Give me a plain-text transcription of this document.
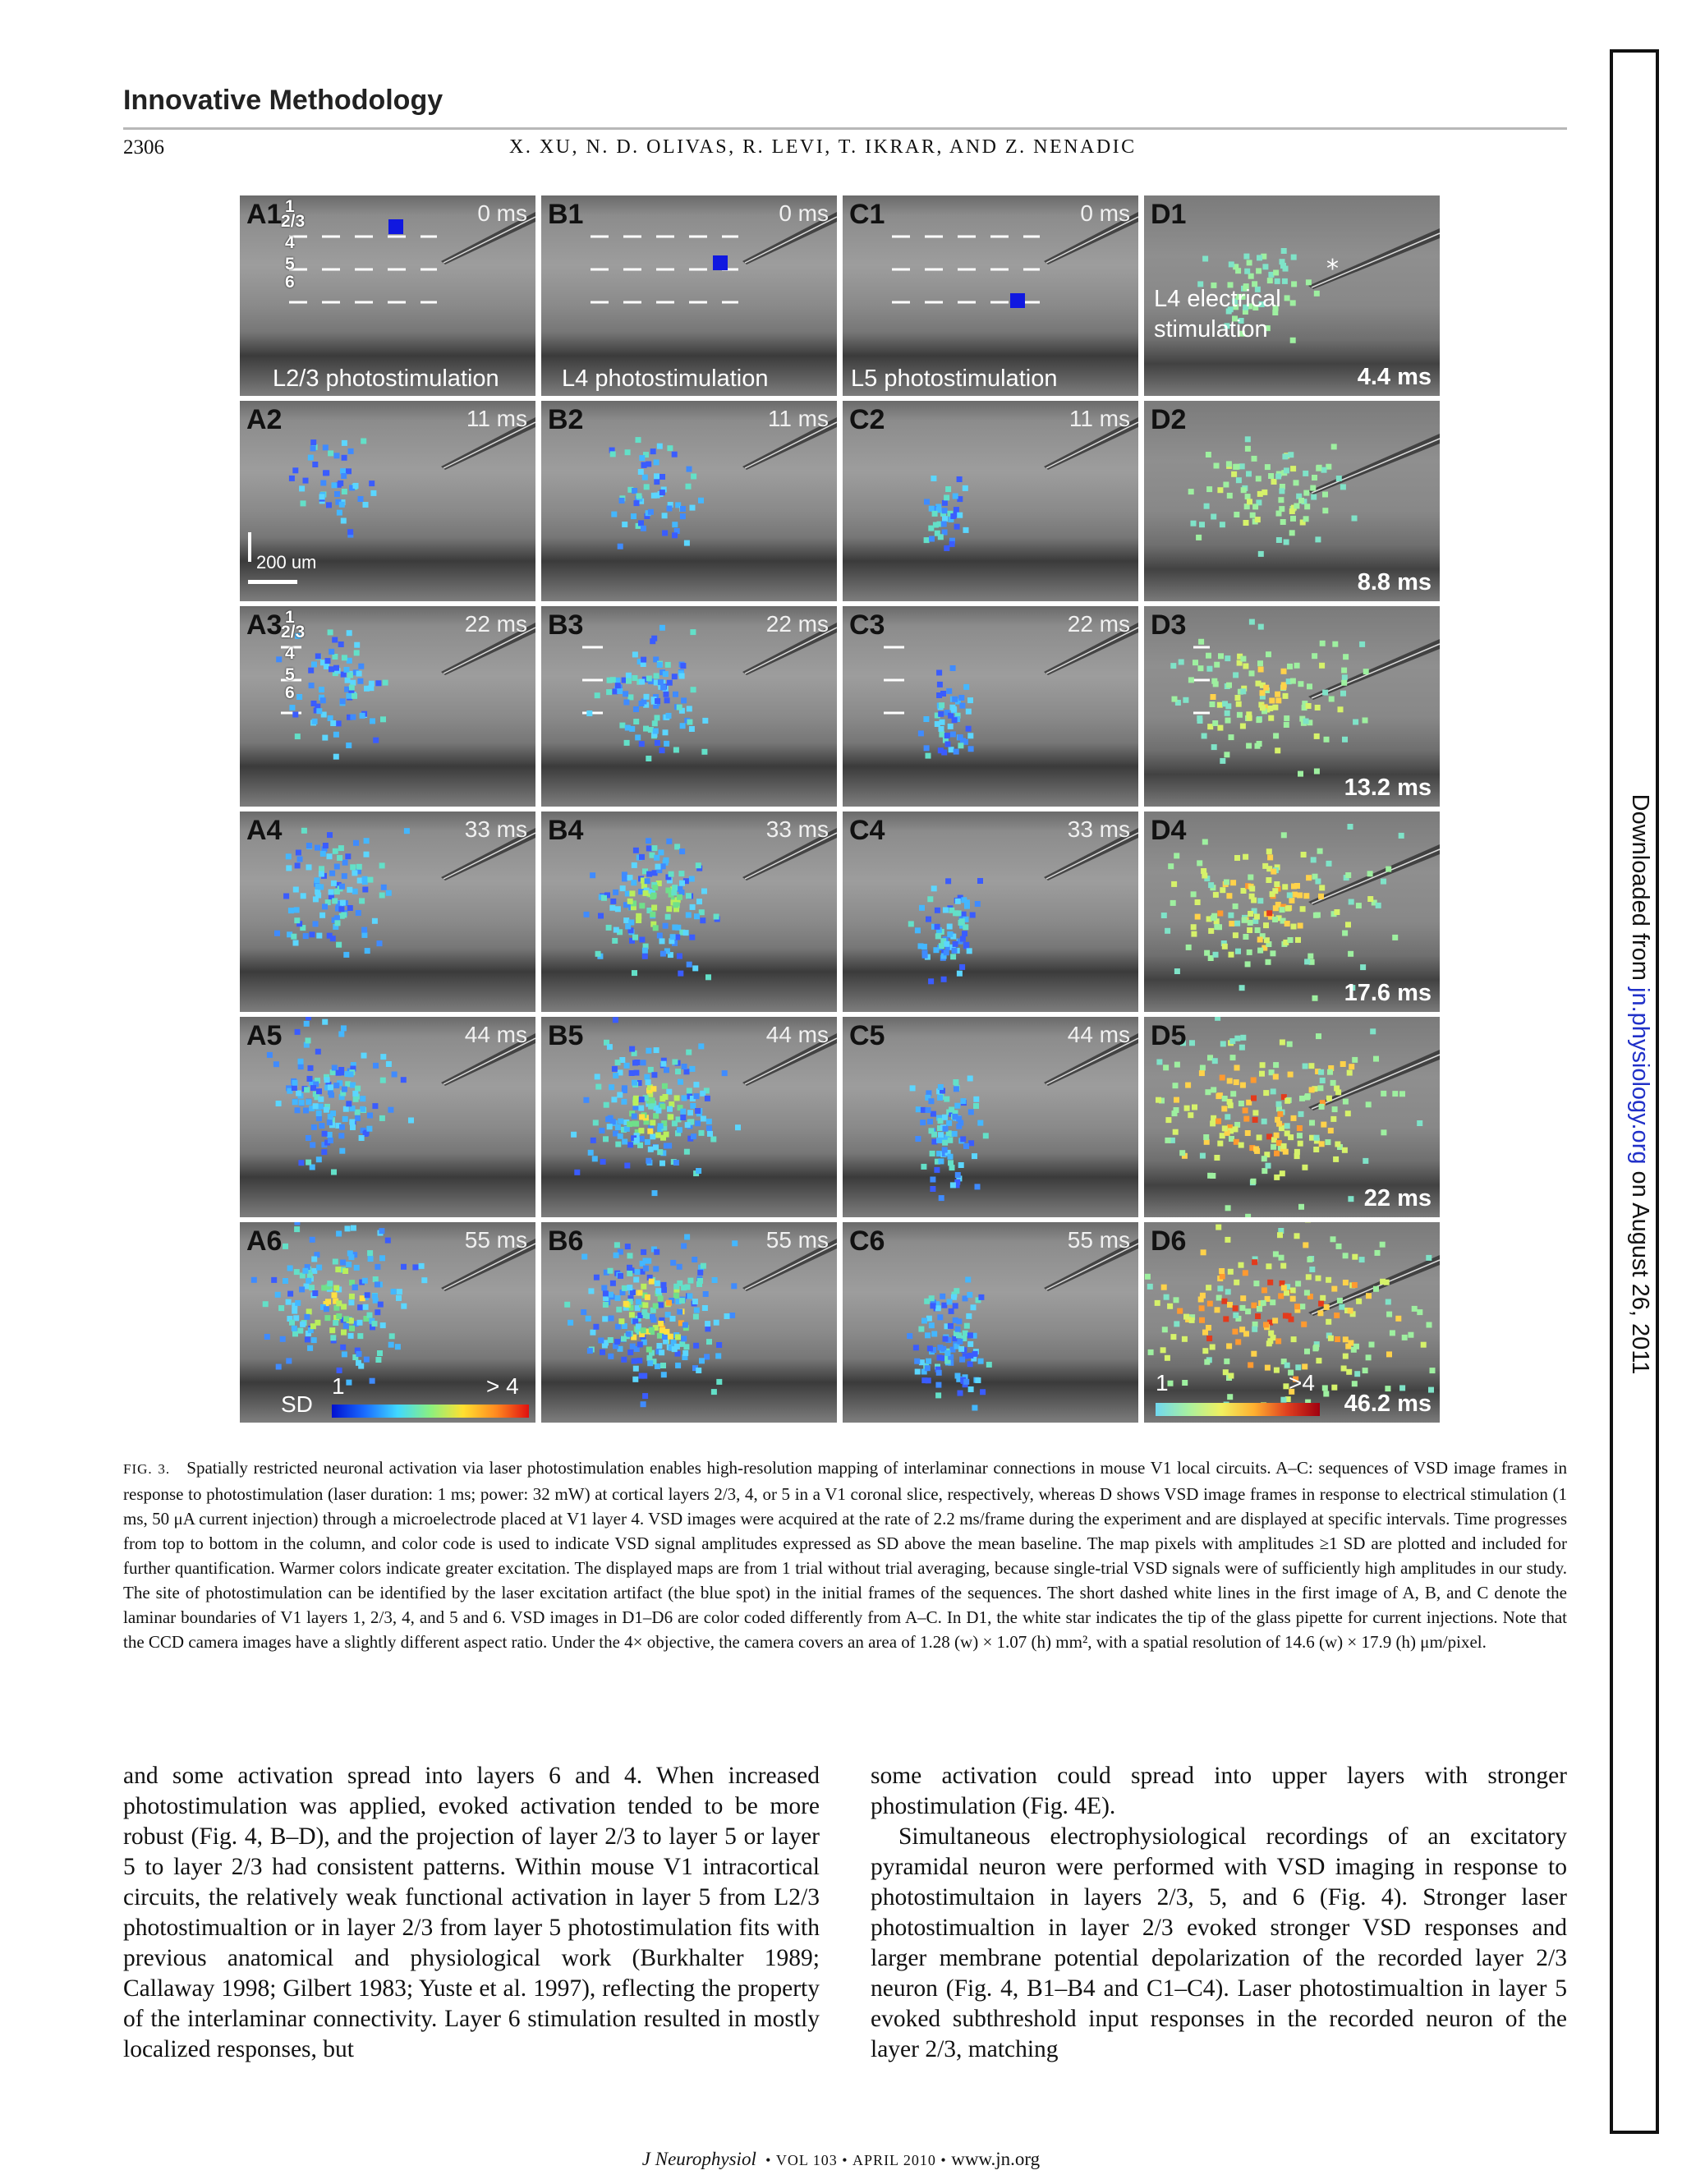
Innovative Methodology
2306	X. XU, N. D. OLIVAS, R. LEVI, T. IKRAR, AND Z. NENADIC
Downloaded from jn.physiology.org on August 26, 2011
A1	0 ms
1
2/3
4
5
6
L2/3 photostimulation
B1	0 ms
L4 photostimulation
C1	0 ms
L5 photostimulation
D1
4.4 ms
L4 electrical
stimulation
*
A2	11 ms
200 um
B2	11 ms C2	11 ms D2
8.8 ms
A3	22 ms
1
2/3
4
5
6
B3	22 ms C3	22 ms D3
13.2 ms
A4	33 ms B4	33 ms C4	33 ms D4
17.6 ms
A5	44 ms B5	44 ms C5	44 ms D5
22 ms
A6	55 ms
SD
1	> 4
B6	55 ms C6	55 ms D6
46.2 ms
1	>4
FIG. 3. Spatially restricted neuronal activation via laser photostimulation enables high-resolution mapping of interlaminar connections in mouse V1 local circuits. A–C: sequences of VSD image frames in response to photostimulation (laser duration: 1 ms; power: 32 mW) at cortical layers 2/3, 4, or 5 in a V1 coronal slice, respectively, whereas D shows VSD image frames in response to electrical stimulation (1 ms, 50 μA current injection) through a microelectrode placed at V1 layer 4. VSD images were acquired at the rate of 2.2 ms/frame during the experiment and are displayed at specific intervals. Time progresses from top to bottom in the column, and color code is used to indicate VSD signal amplitudes expressed as SD above the mean baseline. The map pixels with amplitudes ≥1 SD are plotted and included for further quantification. Warmer colors indicate greater excitation. The displayed maps are from 1 trial without trial averaging, because single-trial VSD signals were of sufficiently high amplitudes in our study. The site of photostimulation can be identified by the laser excitation artifact (the blue spot) in the initial frames of the sequences. The short dashed white lines in the first image of A, B, and C denote the laminar boundaries of V1 layers 1, 2/3, 4, and 5 and 6. VSD images in D1–D6 are color coded differently from A–C. In D1, the white star indicates the tip of the glass pipette for current injections. Note that the CCD camera images have a slightly different aspect ratio. Under the 4× objective, the camera covers an area of 1.28 (w) × 1.07 (h) mm², with a spatial resolution of 14.6 (w) × 17.9 (h) μm/pixel.

and some activation spread into layers 6 and 4. When increased photostimulation was applied, evoked activation tended to be more robust (Fig. 4, B–D), and the projection of layer 2/3 to layer 5 or layer 5 to layer 2/3 had consistent patterns. Within mouse V1 intracortical circuits, the relatively weak functional activation in layer 5 from L2/3 photostimualtion or in layer 2/3 from layer 5 photostimulation fits with previous anatomical and physiological work (Burkhalter 1989; Callaway 1998; Gilbert 1983; Yuste et al. 1997), reflecting the property of the interlaminar connectivity. Layer 6 stimulation resulted in mostly localized responses, but

some activation could spread into upper layers with stronger phostimulation (Fig. 4E).

Simultaneous electrophysiological recordings of an excitatory pyramidal neuron were performed with VSD imaging in response to photostimultaion in layers 2/3, 5, and 6 (Fig. 4). Stronger laser photostimualtion in layer 2/3 evoked stronger VSD responses and larger membrane potential depolarization of the recorded layer 2/3 neuron (Fig. 4, B1–B4 and C1–C4). Laser photostimualtion in layer 5 evoked subthreshold input responses in the recorded neuron of the layer 2/3, matching

J Neurophysiol  • VOL 103 • APRIL 2010 • www.jn.org
